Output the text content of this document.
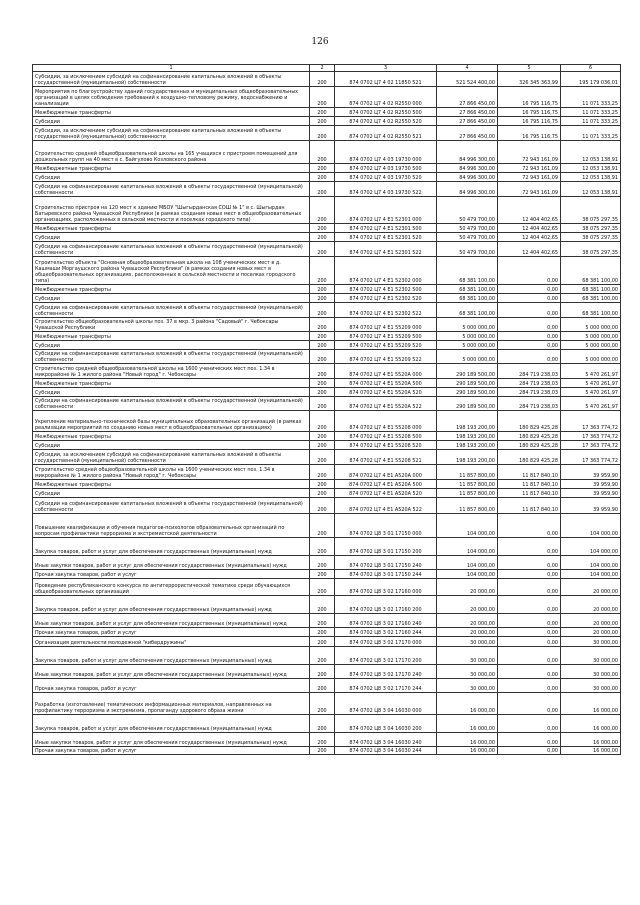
126
1	2	3	4	5	6
Субсидии, за исключением субсидий на софинансирование капитальных вложений в объекты государственной (муниципальной) собственности	200	874 0702 Ц7 4 02 11850 521	521 524 400,00	326 345 363,99	195 179 036,01
Мероприятия по благоустройству зданий государственных и муниципальных общеобразовательных организаций в целях соблюдения требований к воздушно-тепловому режиму, водоснабжению и канализации	200	874 0702 Ц7 4 02 R2550 000	27 866 450,00	16 795 116,75	11 071 333,25
Межбюджетные трансферты	200	874 0702 Ц7 4 02 R2550 500	27 866 450,00	16 795 116,75	11 071 333,25
Субсидии	200	874 0702 Ц7 4 02 R2550 520	27 866 450,00	16 795 116,75	11 071 333,25
Субсидии, за исключением субсидий на софинансирование капитальных вложений в объекты государственной (муниципальной) собственности	200	874 0702 Ц7 4 02 R2550 521	27 866 450,00	16 795 116,75	11 071 333,25
Строительство средней общеобразовательной школы на 165 учащихся с пристроем помещений для дошкольных групп на 40 мест в с. Байгулово Козловского района	200	874 0702 Ц7 4 03 19730 000	84 996 300,00	72 943 161,09	12 053 138,91
Межбюджетные трансферты	200	874 0702 Ц7 4 03 19730 500	84 996 300,00	72 943 161,09	12 053 138,91
Субсидии	200	874 0702 Ц7 4 03 19730 520	84 996 300,00	72 943 161,09	12 053 138,91
Субсидии на софинансирование капитальных вложений в объекты государственной (муниципальной) собственности	200	874 0702 Ц7 4 03 19730 522	84 996 300,00	72 943 161,09	12 053 138,91
Строительство пристроя на 120 мест к зданию МБОУ "Шыгырданская СОШ № 1" в с. Шыгырдан Батыревского района Чувашской Республики (в рамках создания новых мест в общеобразовательных организациях, расположенных в сельской местности и поселках городского типа)	200	874 0702 Ц7 4 E1 52301 000	50 479 700,00	12 404 402,65	38 075 297,35
Межбюджетные трансферты	200	874 0702 Ц7 4 E1 52301 500	50 479 700,00	12 404 402,65	38 075 297,35
Субсидии	200	874 0702 Ц7 4 E1 52301 520	50 479 700,00	12 404 402,65	38 075 297,35
Субсидии на софинансирование капитальных вложений в объекты государственной (муниципальной) собственности	200	874 0702 Ц7 4 E1 52301 522	50 479 700,00	12 404 402,65	38 075 297,35
Строительство объекта "Основная общеобразовательная школа на 108 ученических мест в д. Кашмаши Моргаушского района Чувашской Республики" (в рамках создания новых мест в общеобразовательных организациях, расположенных в сельской местности и поселках городского типа)	200	874 0702 Ц7 4 E1 52302 000	68 381 100,00	0,00	68 381 100,00
Межбюджетные трансферты	200	874 0702 Ц7 4 E1 52302 500	68 381 100,00	0,00	68 381 100,00
Субсидии	200	874 0702 Ц7 4 E1 52302 520	68 381 100,00	0,00	68 381 100,00
Субсидии на софинансирование капитальных вложений в объекты государственной (муниципальной) собственности	200	874 0702 Ц7 4 E1 52302 522	68 381 100,00	0,00	68 381 100,00
Строительство общеобразовательной школы поз. 37 в мкр. 3 района "Садовый" г. Чебоксары Чувашской Республики	200	874 0702 Ц7 4 E1 55209 000	5 000 000,00	0,00	5 000 000,00
Межбюджетные трансферты	200	874 0702 Ц7 4 E1 55209 500	5 000 000,00	0,00	5 000 000,00
Субсидии	200	874 0702 Ц7 4 E1 55209 520	5 000 000,00	0,00	5 000 000,00
Субсидии на софинансирование капитальных вложений в объекты государственной (муниципальной) собственности	200	874 0702 Ц7 4 E1 55209 522	5 000 000,00	0,00	5 000 000,00
Строительство средней общеобразовательной школы на 1600 ученических мест поз. 1.34 в микрорайоне № 1 жилого района "Новый город" г. Чебоксары	200	874 0702 Ц7 4 E1 5520A 000	290 189 500,00	284 719 238,03	5 470 261,97
Межбюджетные трансферты	200	874 0702 Ц7 4 E1 5520A 500	290 189 500,00	284 719 238,03	5 470 261,97
Субсидии	200	874 0702 Ц7 4 E1 5520A 520	290 189 500,00	284 719 238,03	5 470 261,97
Субсидии на софинансирование капитальных вложений в объекты государственной (муниципальной) собственности	200	874 0702 Ц7 4 E1 5520A 522	290 189 500,00	284 719 238,03	5 470 261,97
Укрепление материально-технической базы муниципальных образовательных организаций (в рамках реализации мероприятий по созданию новых мест в общеобразовательных организациях)	200	874 0702 Ц7 4 E1 55208 000	198 193 200,00	180 829 425,28	17 363 774,72
Межбюджетные трансферты	200	874 0702 Ц7 4 E1 55208 500	198 193 200,00	180 829 425,28	17 363 774,72
Субсидии	200	874 0702 Ц7 4 E1 55208 520	198 193 200,00	180 829 425,28	17 363 774,72
Субсидии, за исключением субсидий на софинансирование капитальных вложений в объекты государственной (муниципальной) собственности	200	874 0702 Ц7 4 E1 55208 521	198 193 200,00	180 829 425,28	17 363 774,72
Строительство средней общеобразовательной школы на 1600 ученических мест поз. 1.34 в микрорайоне № 1 жилого района "Новый город" г. Чебоксары	200	874 0702 Ц7 4 E1 А520A 000	11 857 800,00	11 817 840,10	39 959,90
Межбюджетные трансферты	200	874 0702 Ц7 4 E1 А520A 500	11 857 800,00	11 817 840,10	39 959,90
Субсидии	200	874 0702 Ц7 4 E1 А520A 520	11 857 800,00	11 817 840,10	39 959,90
Субсидии на софинансирование капитальных вложений в объекты государственной (муниципальной) собственности	200	874 0702 Ц7 4 E1 А520A 522	11 857 800,00	11 817 840,10	39 959,90
Повышение квалификации и обучения педагогов-психологов образовательных организаций по вопросам профилактики терроризма и экстремистской деятельности	200	874 0702 Ц8 3 01 17150 000	104 000,00	0,00	104 000,00
Закупка товаров, работ и услуг для обеспечения государственных (муниципальных) нужд	200	874 0702 Ц8 3 01 17150 200	104 000,00	0,00	104 000,00
Иные закупки товаров, работ и услуг для обеспечения государственных (муниципальных) нужд	200	874 0702 Ц8 3 01 17150 240	104 000,00	0,00	104 000,00
Прочая закупка товаров, работ и услуг	200	874 0702 Ц8 3 01 17150 244	104 000,00	0,00	104 000,00
Проведение республиканского конкурса по антитеррористической тематике среди обучающихся общеобразовательных организаций	200	874 0702 Ц8 3 02 17160 000	20 000,00	0,00	20 000,00
Закупка товаров, работ и услуг для обеспечения государственных (муниципальных) нужд	200	874 0702 Ц8 3 02 17160 200	20 000,00	0,00	20 000,00
Иные закупки товаров, работ и услуг для обеспечения государственных (муниципальных) нужд	200	874 0702 Ц8 3 02 17160 240	20 000,00	0,00	20 000,00
Прочая закупка товаров, работ и услуг	200	874 0702 Ц8 3 02 17160 244	20 000,00	0,00	20 000,00
Организация деятельности молодежной "кибердружины"	200	874 0702 Ц8 3 02 17170 000	30 000,00	0,00	30 000,00
Закупка товаров, работ и услуг для обеспечения государственных (муниципальных) нужд	200	874 0702 Ц8 3 02 17170 200	30 000,00	0,00	30 000,00
Иные закупки товаров, работ и услуг для обеспечения государственных (муниципальных) нужд	200	874 0702 Ц8 3 02 17170 240	30 000,00	0,00	30 000,00
Прочая закупка товаров, работ и услуг	200	874 0702 Ц8 3 02 17170 244	30 000,00	0,00	30 000,00
Разработка (изготовление) тематических информационных материалов, направленных на профилактику терроризма и экстремизма, пропаганду здорового образа жизни	200	874 0702 Ц8 3 04 16030 000	16 000,00	0,00	16 000,00
Закупка товаров, работ и услуг для обеспечения государственных (муниципальных) нужд	200	874 0702 Ц8 3 04 16030 200	16 000,00	0,00	16 000,00
Иные закупки товаров, работ и услуг для обеспечения государственных (муниципальных) нужд	200	874 0702 Ц8 3 04 16030 240	16 000,00	0,00	16 000,00
Прочая закупка товаров, работ и услуг	200	874 0702 Ц8 3 04 16030 244	16 000,00	0,00	16 000,00
